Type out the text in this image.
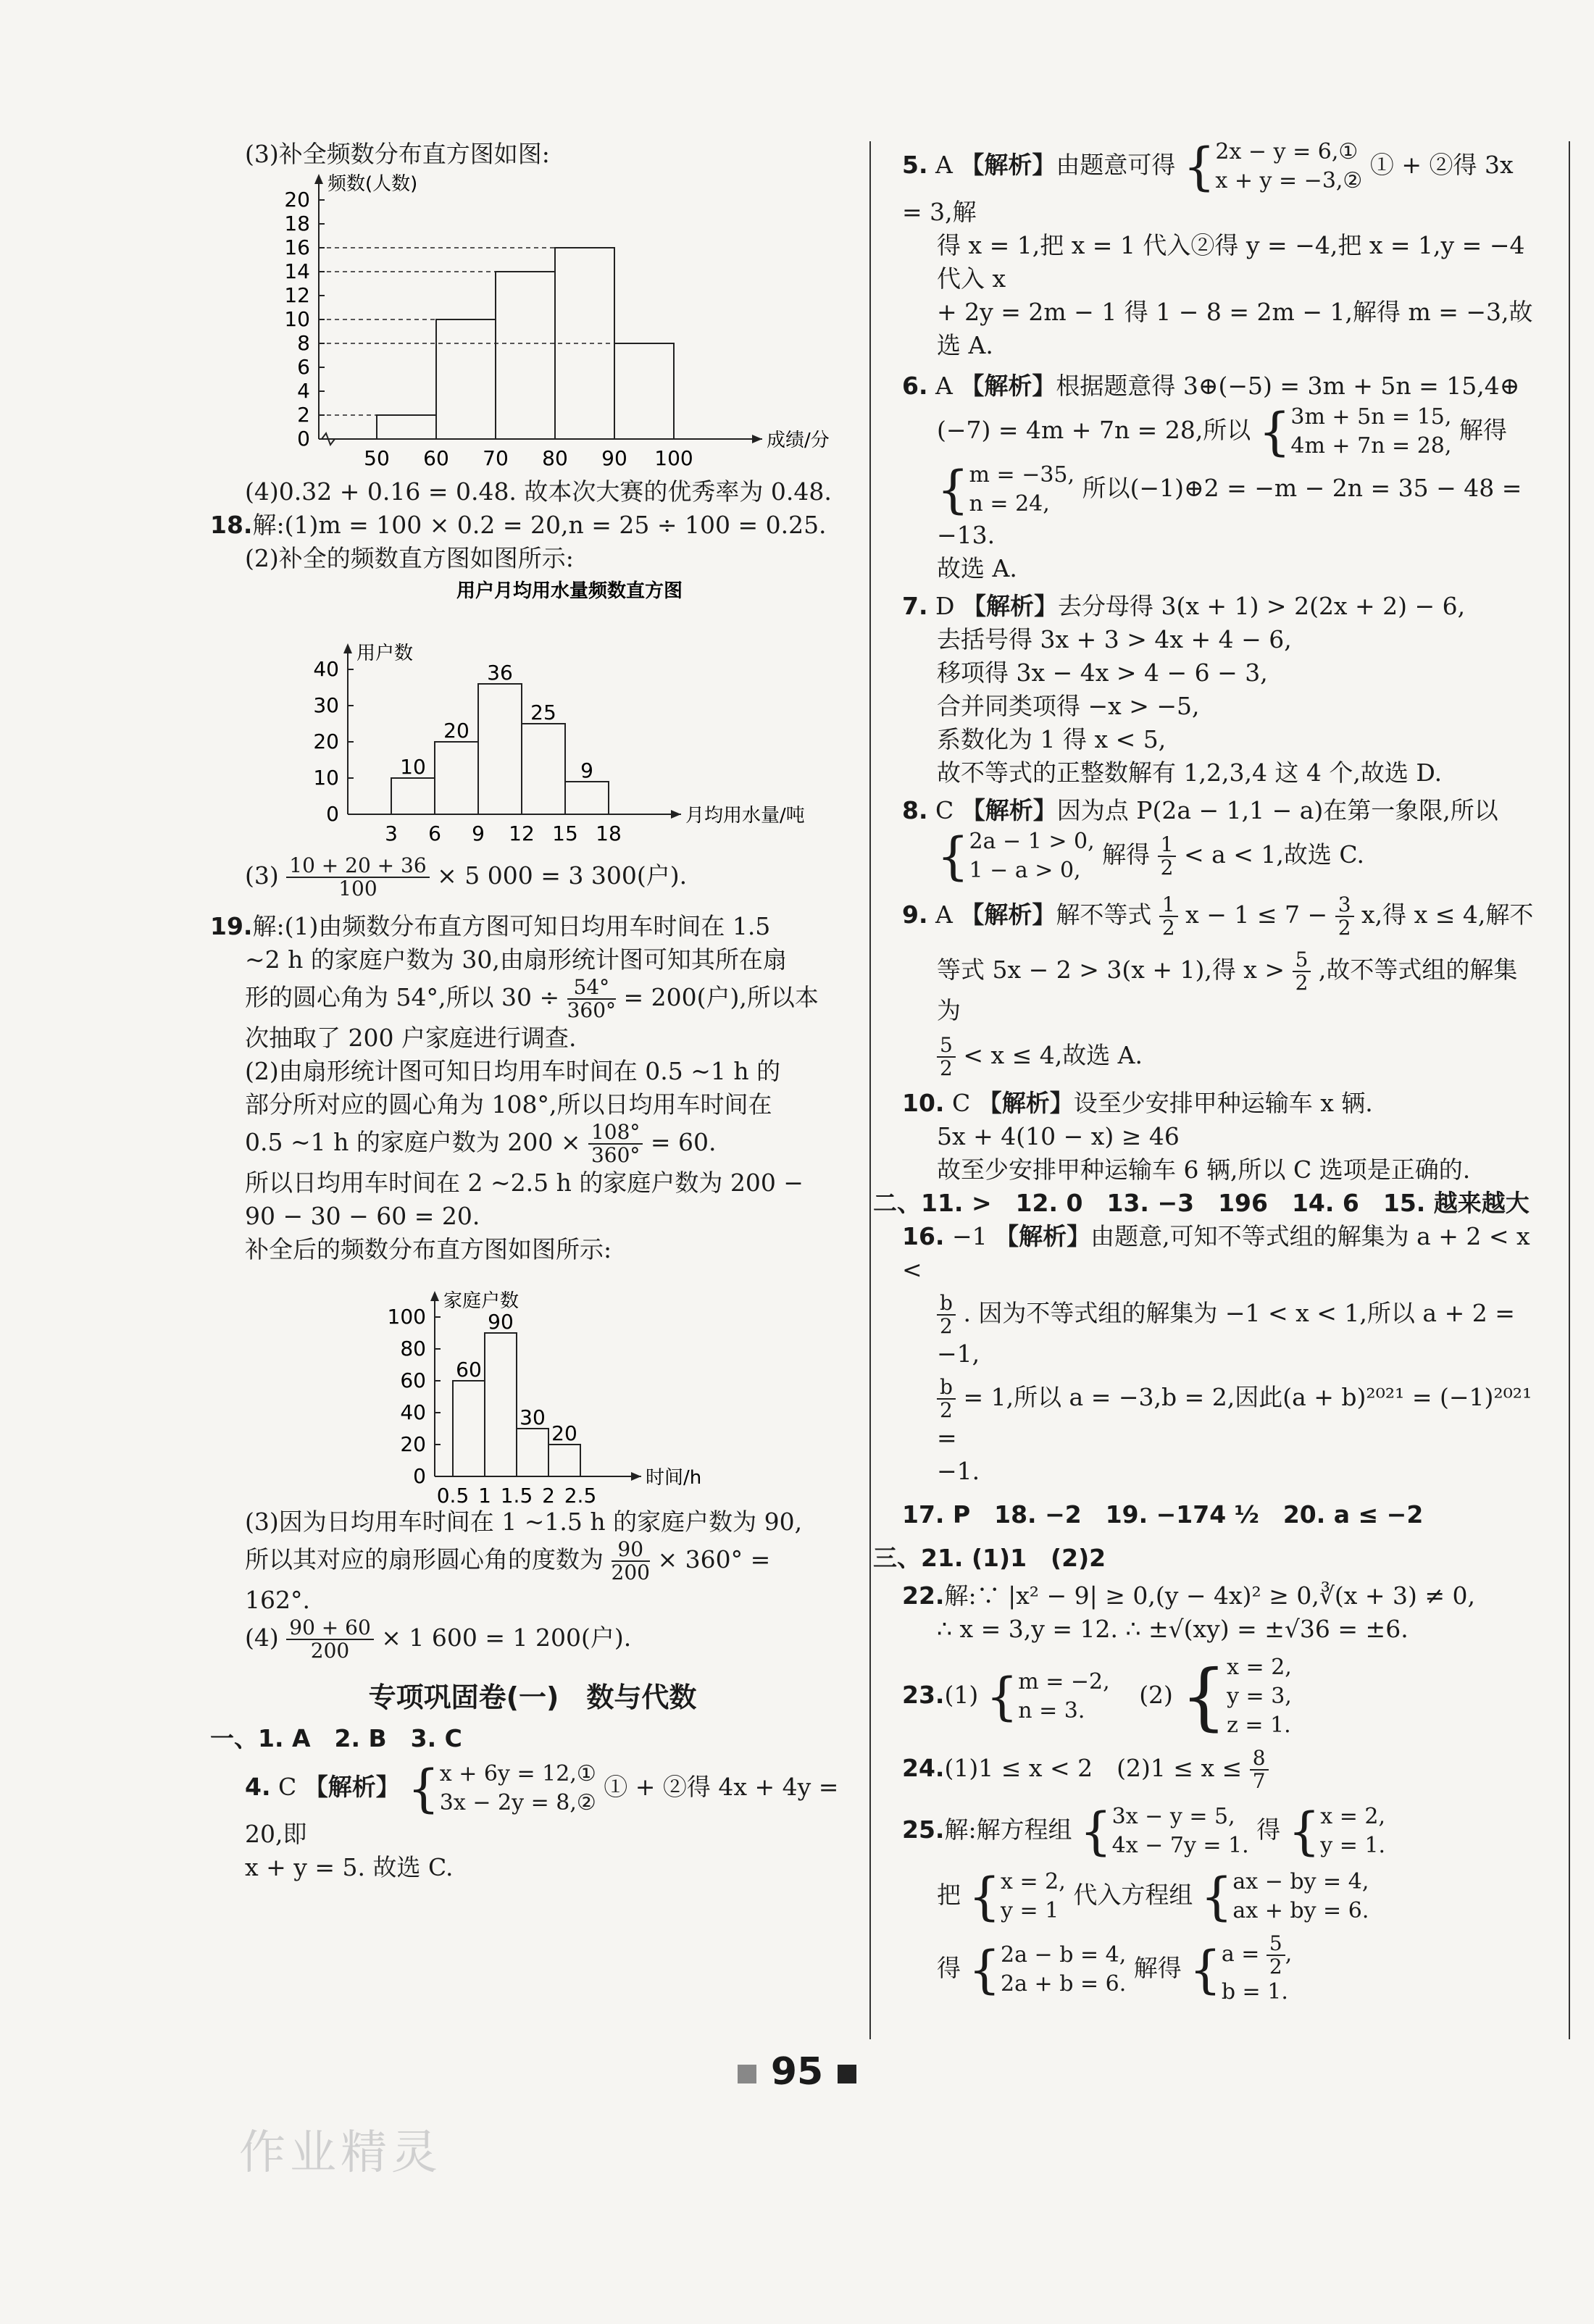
(3)补全频数分布直方图如图:

频数(人数)
成绩/分
0
2
4
6
8
10
12
14
16
18
20
50 60 70 80 90 100

(4)0.32 + 0.16 = 0.48. 故本次大赛的优秀率为 0.48.

18.解:(1)m = 100 × 0.2 = 20,n = 25 ÷ 100 = 0.25.

(2)补全的频数直方图如图所示:

用户月均用水量频数直方图
用户数
月均用水量/吨
0
10
20
30
40
10
20
36
25
9
3 6 9 12 15 18

$(3) \frac{10 + 20 + 36}{100} \times 5$ 000 = 3 300(户).

19.解:(1)由频数分布直方图可知日均用车时间在 1.5

~2 h 的家庭户数为 30,由扇形统计图可知其所在扇

形的圆心角为 54°,所以 $30 \div \frac{54^\circ}{360^\circ} = 200$(户),所以本

次抽取了 200 户家庭进行调查.

(2)由扇形统计图可知日均用车时间在 0.5 ~1 h 的

部分所对应的圆心角为 108°,所以日均用车时间在

0.5 ~1 h 的家庭户数为 $200 \times \frac{108^\circ}{360^\circ} = 60$.

所以日均用车时间在 2 ~2.5 h 的家庭户数为 200 −

90 − 30 − 60 = 20.

补全后的频数分布直方图如图所示:

家庭户数
时间/h
0
20
40
60
80
100
60
90
30
20
0.5 1 1.5 2 2.5

(3)因为日均用车时间在 1 ~1.5 h 的家庭户数为 90,

所以其对应的扇形圆心角的度数为 $\frac{90}{200} \times 360^\circ$ =

162°.

$(4) \frac{90 + 60}{200} \times 1$ 600 = 1 200(户).

专项巩固卷(一)　数与代数

一、1. A　2. B　3. C

4. C 【解析】 { x + 6y = 12,①
3x − 2y = 8,②
① + ②得 4x + 4y = 20,即

x + y = 5. 故选 C.

5. A 【解析】由题意可得 { 2x − y = 6,①
x + y = −3,②
① + ②得 3x = 3,解

得 x = 1,把 x = 1 代入②得 y = −4,把 x = 1,y = −4 代入 x

+ 2y = 2m − 1 得 1 − 8 = 2m − 1,解得 m = −3,故选 A.

6. A 【解析】根据题意得 3⊕(−5) = 3m + 5n = 15,4⊕

(−7) = 4m + 7n = 28,所以 { 3m + 5n = 15,
4m + 7n = 28,
解得

{ m = −35,
n = 24,
所以(−1)⊕2 = −m − 2n = 35 − 48 = −13.

故选 A.

7. D 【解析】去分母得 3(x + 1) > 2(2x + 2) − 6,

去括号得 3x + 3 > 4x + 4 − 6,

移项得 3x − 4x > 4 − 6 − 3,

合并同类项得 −x > −5,

系数化为 1 得 x < 5,

故不等式的正整数解有 1,2,3,4 这 4 个,故选 D.

8. C 【解析】因为点 P(2a − 1,1 − a)在第一象限,所以

{ 2a − 1 > 0,
1 − a > 0,
解得 $\frac{1}{2} < a < 1$,故选 C.

9. A 【解析】解不等式 $\frac{1}{2}$ $x - 1 \le 7 - \frac{3}{2} x$,得 x ≤ 4,解不

等式 5x − 2 > 3(x + 1),得 $x > \frac{5}{2}$ ,故不等式组的解集为

$\frac{5}{2} < x \le 4$,故选 A.

10. C 【解析】设至少安排甲种运输车 x 辆.

5x + 4(10 − x) ≥ 46

故至少安排甲种运输车 6 辆,所以 C 选项是正确的.

二、11. >　12. 0　13. −3　196　14. 6　15. 越来越大

16. −1 【解析】由题意,可知不等式组的解集为 a + 2 < x <

$\frac{b}{2}$ . 因为不等式组的解集为 −1 < x < 1,所以 a + 2 = −1,

$\frac{b}{2} = 1$,所以 a = −3,b = 2,因此(a + b)²⁰²¹ = (−1)²⁰²¹ =

−1.

17. P　18. −2　19. −174 ½　20. a ≤ −2

三、21. (1)1　(2)2

22.解:∵ |x² − 9| ≥ 0,(y − 4x)² ≥ 0,∛(x + 3) ≠ 0,

∴ x = 3,y = 12. ∴ ±√(xy) = ±√36 = ±6.

23.(1) { m = −2,
n = 3.
(2) { x = 2,
y = 3,
z = 1.

24.(1)1 ≤ x < 2　$(2)1 \le x \le \frac{8}{7}$

25.解:解方程组 { 3x − y = 5,
4x − 7y = 1.
得 { x = 2,
y = 1.

把 { x = 2,
y = 1
代入方程组 { ax − by = 4,
ax + by = 6.

得 { 2a − b = 4,
2a + b = 6.
解得 { $a = \frac{5}{2}$ ,
b = 1.

95
作业精灵
